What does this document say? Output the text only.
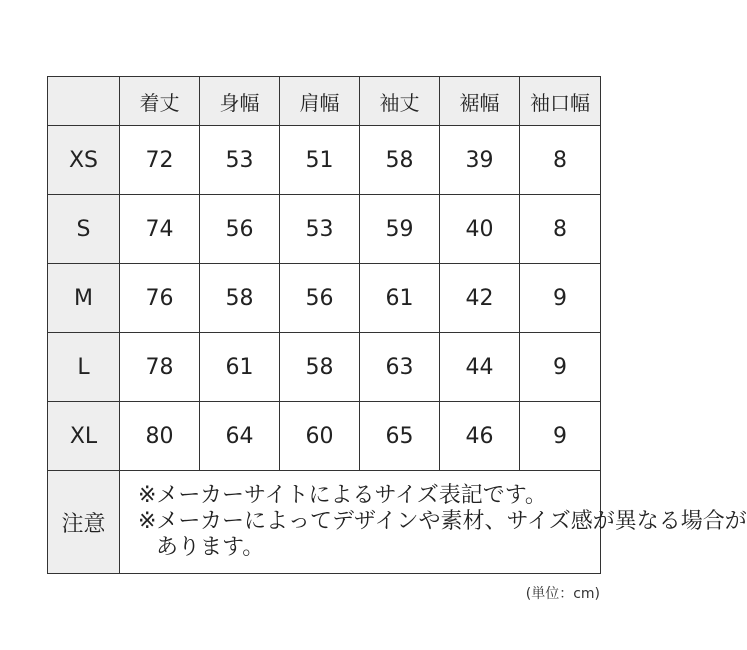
	着丈	身幅	肩幅	袖丈	裾幅	袖口幅
XS	72	53	51	58	39	8
S	74	56	53	59	40	8
M	76	58	56	61	42	9
L	78	61	58	63	44	9
XL	80	64	60	65	46	9
注意	※メーカーサイトによるサイズ表記です。
※メーカーによってデザインや素材、サイズ感が異なる場合が
あります。					
(単位：cm)
